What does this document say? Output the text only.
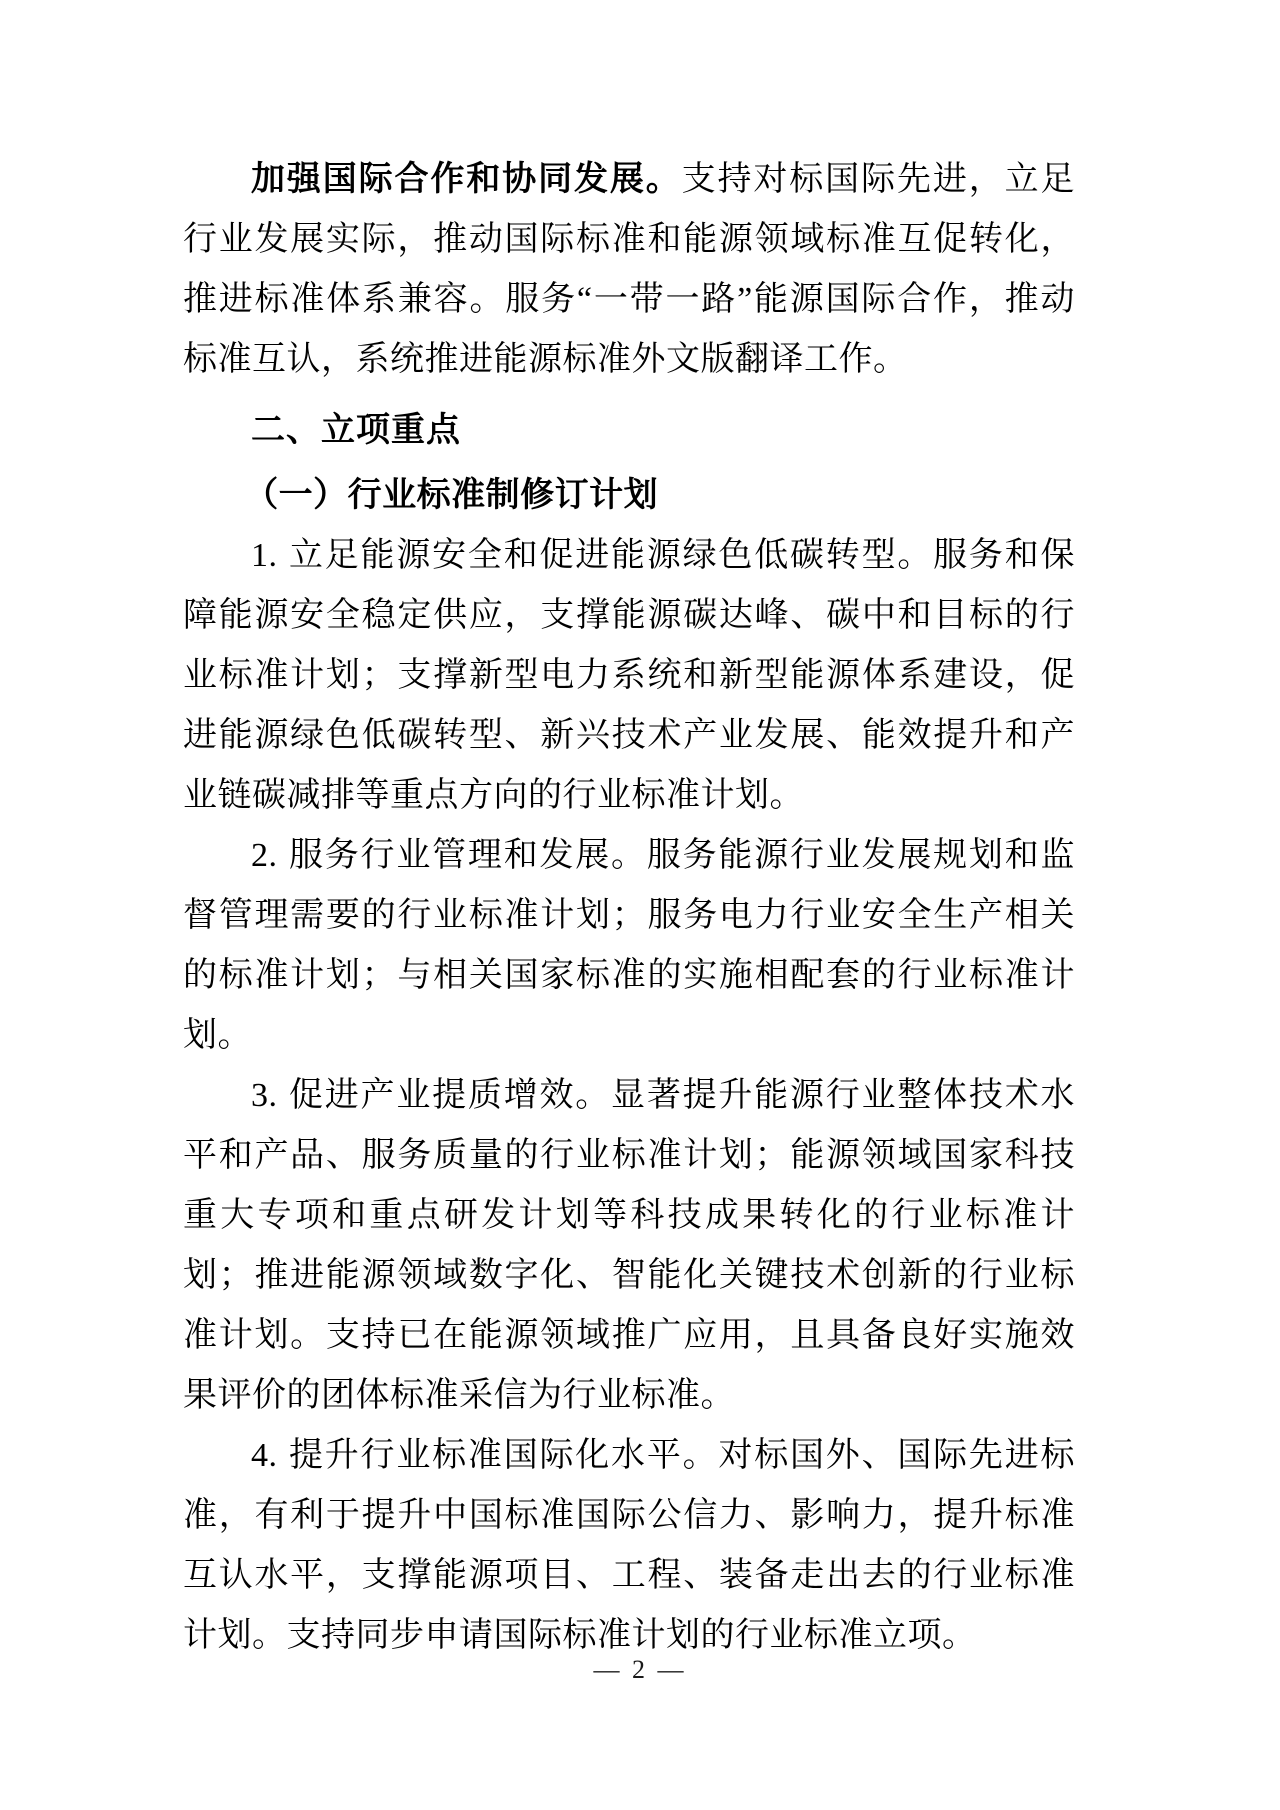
加强国际合作和协同发展。支持对标国际先进，立足行业发展实际，推动国际标准和能源领域标准互促转化，推进标准体系兼容。服务“一带一路”能源国际合作，推动标准互认，系统推进能源标准外文版翻译工作。

二、立项重点
（一）行业标准制修订计划

1. 立足能源安全和促进能源绿色低碳转型。服务和保障能源安全稳定供应，支撑能源碳达峰、碳中和目标的行业标准计划；支撑新型电力系统和新型能源体系建设，促进能源绿色低碳转型、新兴技术产业发展、能效提升和产业链碳减排等重点方向的行业标准计划。

2. 服务行业管理和发展。服务能源行业发展规划和监督管理需要的行业标准计划；服务电力行业安全生产相关的标准计划；与相关国家标准的实施相配套的行业标准计划。

3. 促进产业提质增效。显著提升能源行业整体技术水平和产品、服务质量的行业标准计划；能源领域国家科技重大专项和重点研发计划等科技成果转化的行业标准计划；推进能源领域数字化、智能化关键技术创新的行业标准计划。支持已在能源领域推广应用，且具备良好实施效果评价的团体标准采信为行业标准。

4. 提升行业标准国际化水平。对标国外、国际先进标准，有利于提升中国标准国际公信力、影响力，提升标准互认水平，支撑能源项目、工程、装备走出去的行业标准计划。支持同步申请国际标准计划的行业标准立项。

— 2 —
